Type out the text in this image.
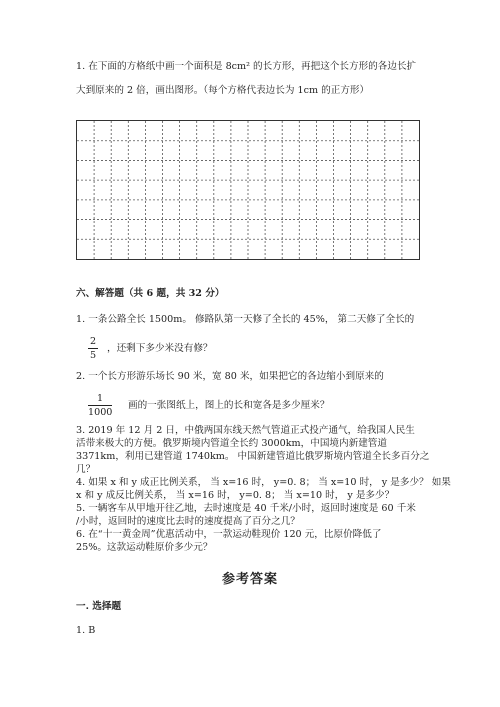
1. 在下面的方格纸中画一个面积是 8cm² 的长方形，再把这个长方形的各边长扩
大到原来的 2 倍，画出图形。（每个方格代表边长为 1cm 的正方形）
六、解答题（共 6 题，共 32 分）
1. 一条公路全长 1500m。 修路队第一天修了全长的 45%， 第二天修了全长的
2
5
，还剩下多少米没有修？
2. 一个长方形游乐场长 90 米，宽 80 米，如果把它的各边缩小到原来的
1
1000
画的一张图纸上，图上的长和宽各是多少厘米？
3. 2019 年 12 月 2 日，中俄两国东线天然气管道正式投产通气，给我国人民生
活带来极大的方便。俄罗斯境内管道全长约 3000km，中国境内新建管道
3371km，利用已建管道 1740km。 中国新建管道比俄罗斯境内管道全长多百分之
几？
4. 如果 x 和 y 成正比例关系， 当 x=16 时， y=0. 8； 当 x=10 时， y 是多少？ 如果
x 和 y 成反比例关系， 当 x=16 时， y=0. 8； 当 x=10 时， y 是多少？
5. 一辆客车从甲地开往乙地，去时速度是 40 千米/小时，返回时速度是 60 千米
/小时，返回时的速度比去时的速度提高了百分之几？
6. 在“十一黄金周”优惠活动中，一款运动鞋现价 120 元，比原价降低了
25%。这款运动鞋原价多少元？
参考答案
一. 选择题
1. B
